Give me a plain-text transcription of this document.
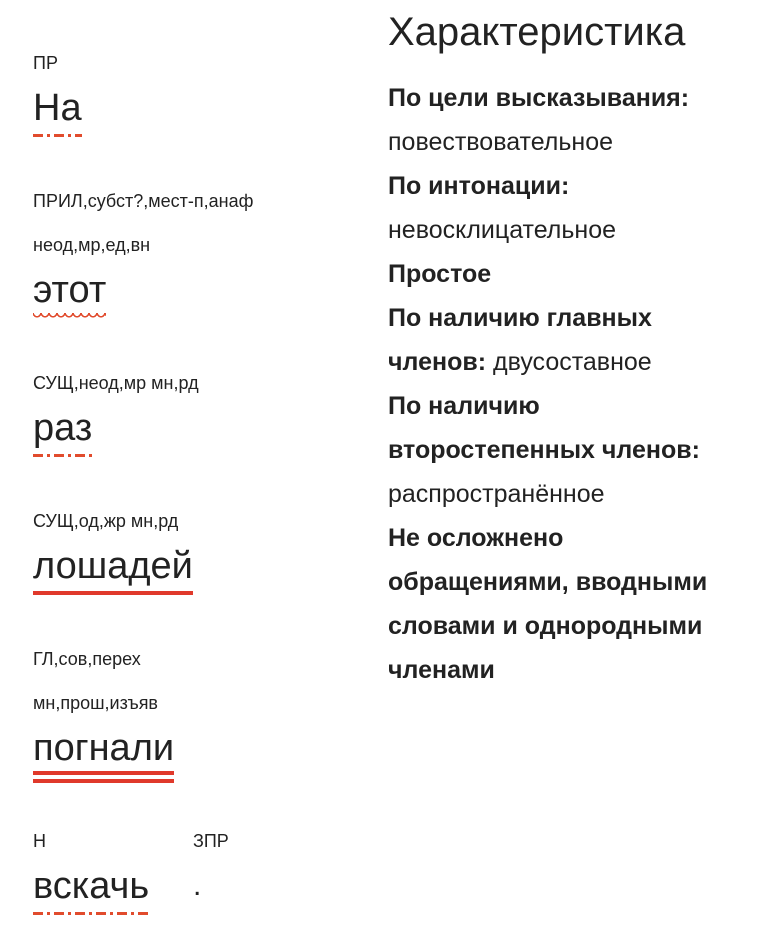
ПР
На
ПРИЛ,субст?,мест-п,анаф
неод,мр,ед,вн
этот
СУЩ,неод,мр мн,рд
раз
СУЩ,од,жр мн,рд
лошадей
ГЛ,сов,перех
мн,прош,изъяв
погнали
Н
вскачь
ЗПР
.
Характеристика
По цели высказывания:
повествовательное
По интонации:
невосклицательное
Простое
По наличию главных членов: двусоставное
По наличию второстепенных членов:
распространённое
Не осложнено обращениями, вводными словами и однородными членами
